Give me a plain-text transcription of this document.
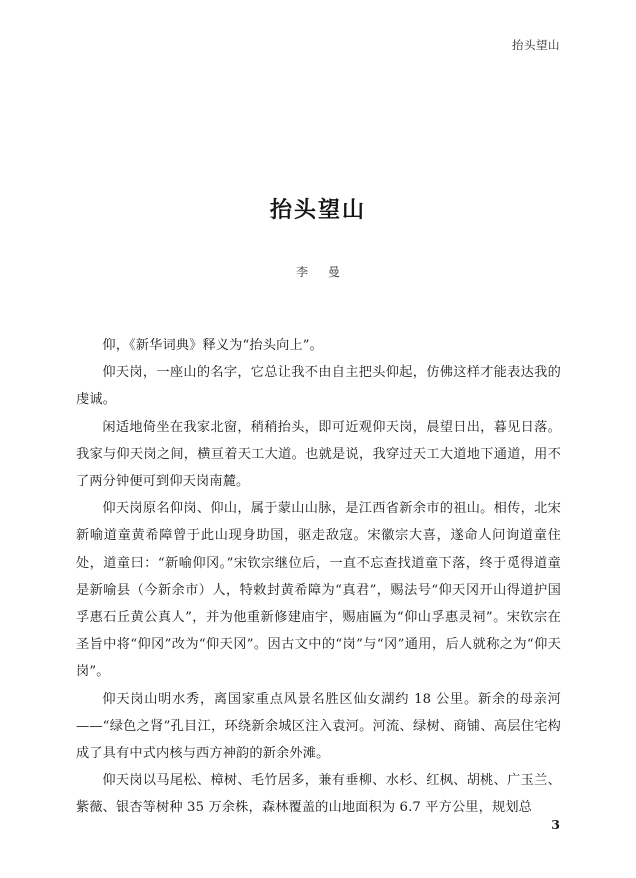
抬头望山
抬头望山

李 曼

仰，《新华词典》释义为“抬头向上”。

仰天岗，一座山的名字，它总让我不由自主把头仰起，仿佛这样才能表达我的虔诚。

闲适地倚坐在我家北窗，稍稍抬头，即可近观仰天岗，晨望日出，暮见日落。我家与仰天岗之间，横亘着天工大道。也就是说，我穿过天工大道地下通道，用不了两分钟便可到仰天岗南麓。

仰天岗原名仰岗、仰山，属于蒙山山脉，是江西省新余市的祖山。相传，北宋新喻道童黄希障曾于此山现身助国，驱走敌寇。宋徽宗大喜，遂命人问询道童住处，道童曰：“新喻仰冈。”宋钦宗继位后，一直不忘查找道童下落，终于觅得道童是新喻县（今新余市）人，特敕封黄希障为“真君”，赐法号“仰天冈开山得道护国孚惠石丘黄公真人”，并为他重新修建庙宇，赐庙匾为“仰山孚惠灵祠”。宋钦宗在圣旨中将“仰冈”改为“仰天冈”。因古文中的“岗”与“冈”通用，后人就称之为“仰天岗”。

仰天岗山明水秀，离国家重点风景名胜区仙女湖约 18 公里。新余的母亲河——“绿色之肾”孔目江，环绕新余城区注入袁河。河流、绿树、商铺、高层住宅构成了具有中式内核与西方神韵的新余外滩。

仰天岗以马尾松、樟树、毛竹居多，兼有垂柳、水杉、红枫、胡桃、广玉兰、紫薇、银杏等树种 35 万余株，森林覆盖的山地面积为 6.7 平方公里，规划总

3
